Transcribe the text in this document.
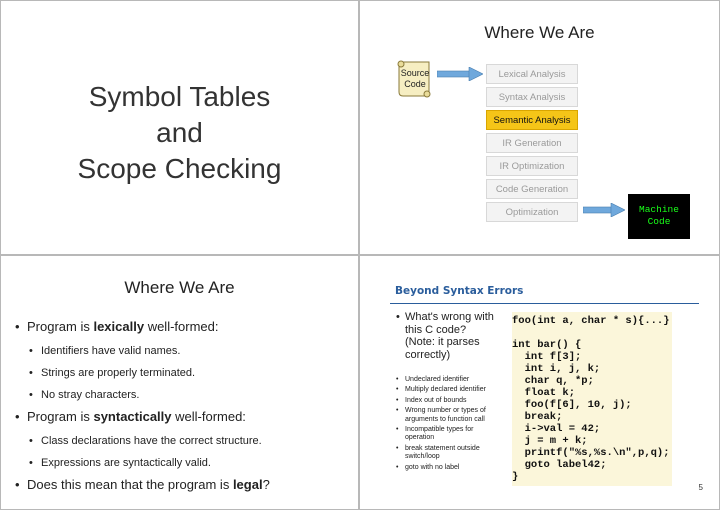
Symbol Tables
and
Scope Checking
Where We Are
Source
Code
Lexical Analysis
Syntax Analysis
Semantic Analysis
IR Generation
IR Optimization
Code Generation
Optimization	Machine
Code
Where We Are
• Program is lexically well-formed:
• Identifiers have valid names.
• Strings are properly terminated.
• No stray characters.
• Program is syntactically well-formed:
• Class declarations have the correct structure.
• Expressions are syntactically valid.
• Does this mean that the program is legal?
Beyond Syntax Errors
• What's wrong with
this C code?
(Note: it parses
correctly)
• Undeclared identifier
• Multiply declared identifier
• Index out of bounds
• Wrong number or types of
arguments to function call
• Incompatible types for
operation
• break statement outside
switch/loop
• goto with no label
foo(int a, char * s){...}
int bar() {
int f[3];
int i, j, k;
char q, *p;
float k;
foo(f[6], 10, j);
break;
i->val = 42;
j = m + k;
printf("%s,%s.\n",p,q);
goto label42;
}
5
